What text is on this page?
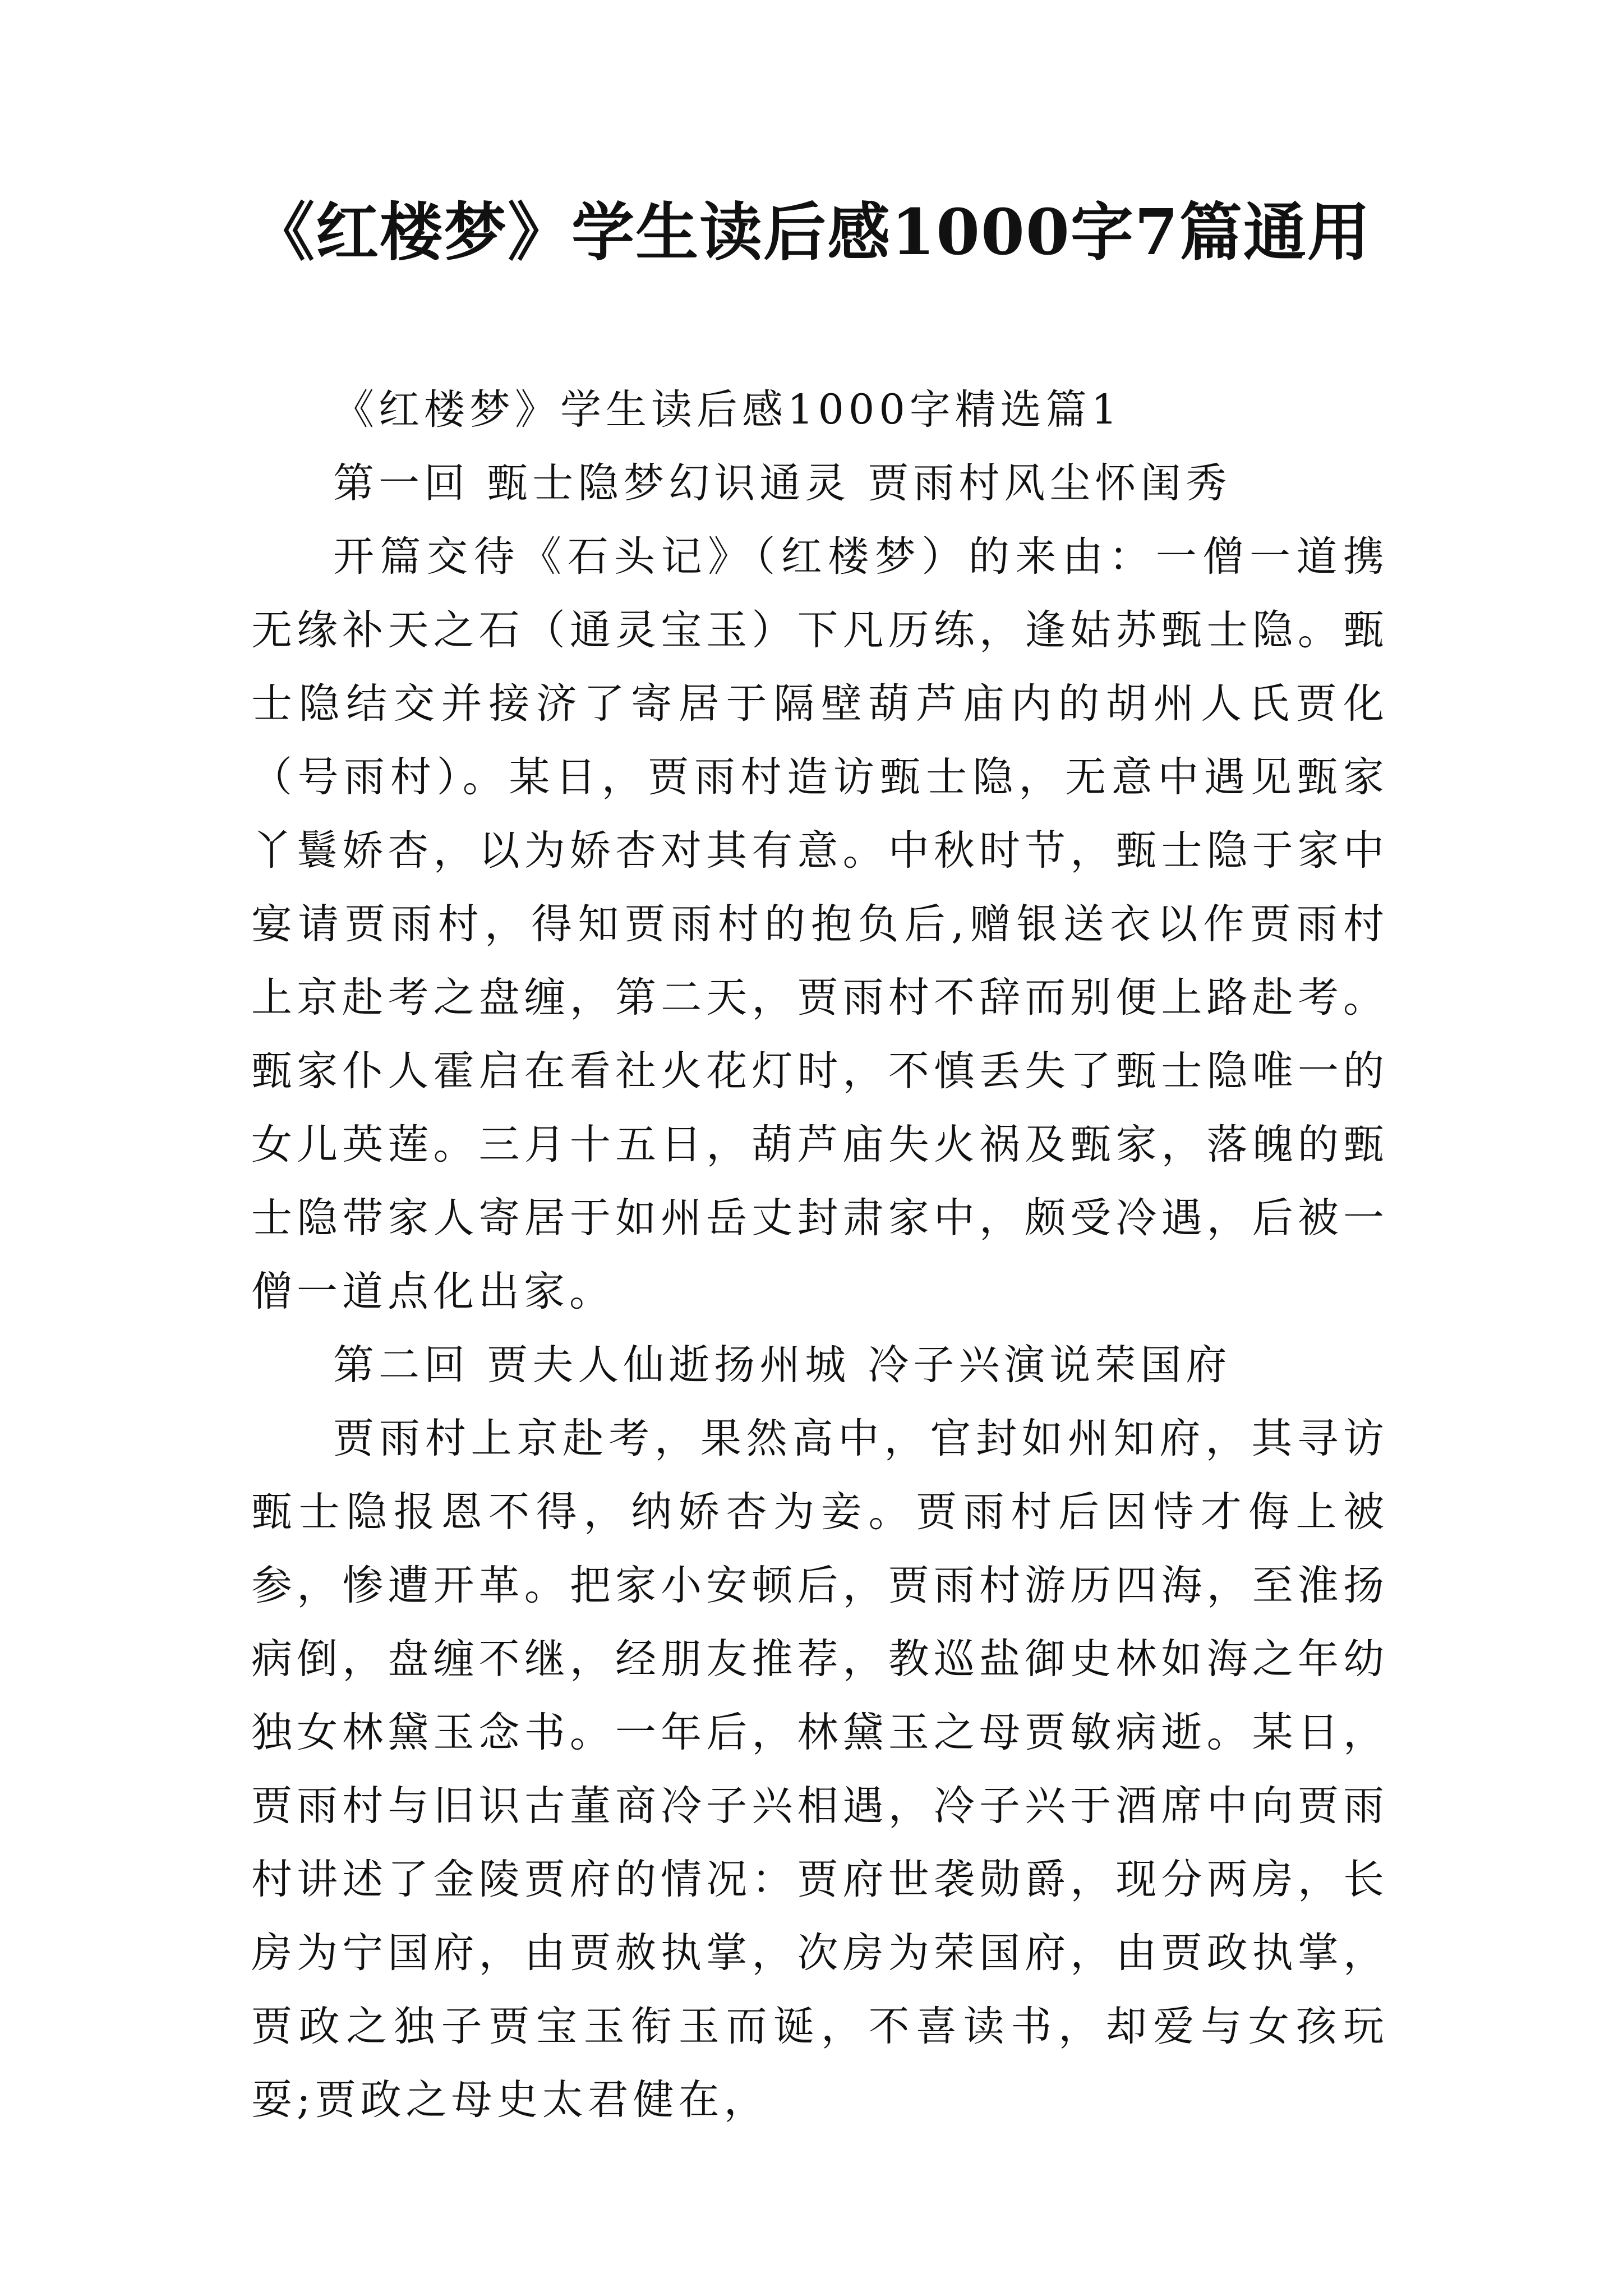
《红楼梦》学生读后感1000字7篇通用

《红楼梦》学生读后感1000字精选篇1

第一回 甄士隐梦幻识通灵 贾雨村风尘怀闺秀

开篇交待《石头记》（红楼梦）的来由：一僧一道携无缘补天之石（通灵宝玉）下凡历练，逢姑苏甄士隐。甄士隐结交并接济了寄居于隔壁葫芦庙内的胡州人氏贾化（号雨村）。某日，贾雨村造访甄士隐，无意中遇见甄家丫鬟娇杏，以为娇杏对其有意。中秋时节，甄士隐于家中宴请贾雨村，得知贾雨村的抱负后,赠银送衣以作贾雨村上京赴考之盘缠，第二天，贾雨村不辞而别便上路赴考。甄家仆人霍启在看社火花灯时，不慎丢失了甄士隐唯一的女儿英莲。三月十五日，葫芦庙失火祸及甄家，落魄的甄士隐带家人寄居于如州岳丈封肃家中，颇受冷遇，后被一僧一道点化出家。

第二回 贾夫人仙逝扬州城 冷子兴演说荣国府

贾雨村上京赴考，果然高中，官封如州知府，其寻访甄士隐报恩不得，纳娇杏为妾。贾雨村后因恃才侮上被参，惨遭开革。把家小安顿后，贾雨村游历四海，至淮扬病倒，盘缠不继，经朋友推荐，教巡盐御史林如海之年幼独女林黛玉念书。一年后，林黛玉之母贾敏病逝。某日，贾雨村与旧识古董商冷子兴相遇，冷子兴于酒席中向贾雨村讲述了金陵贾府的情况：贾府世袭勋爵，现分两房，长房为宁国府，由贾赦执掌，次房为荣国府，由贾政执掌，贾政之独子贾宝玉衔玉而诞，不喜读书，却爱与女孩玩耍;贾政之母史太君健在，
